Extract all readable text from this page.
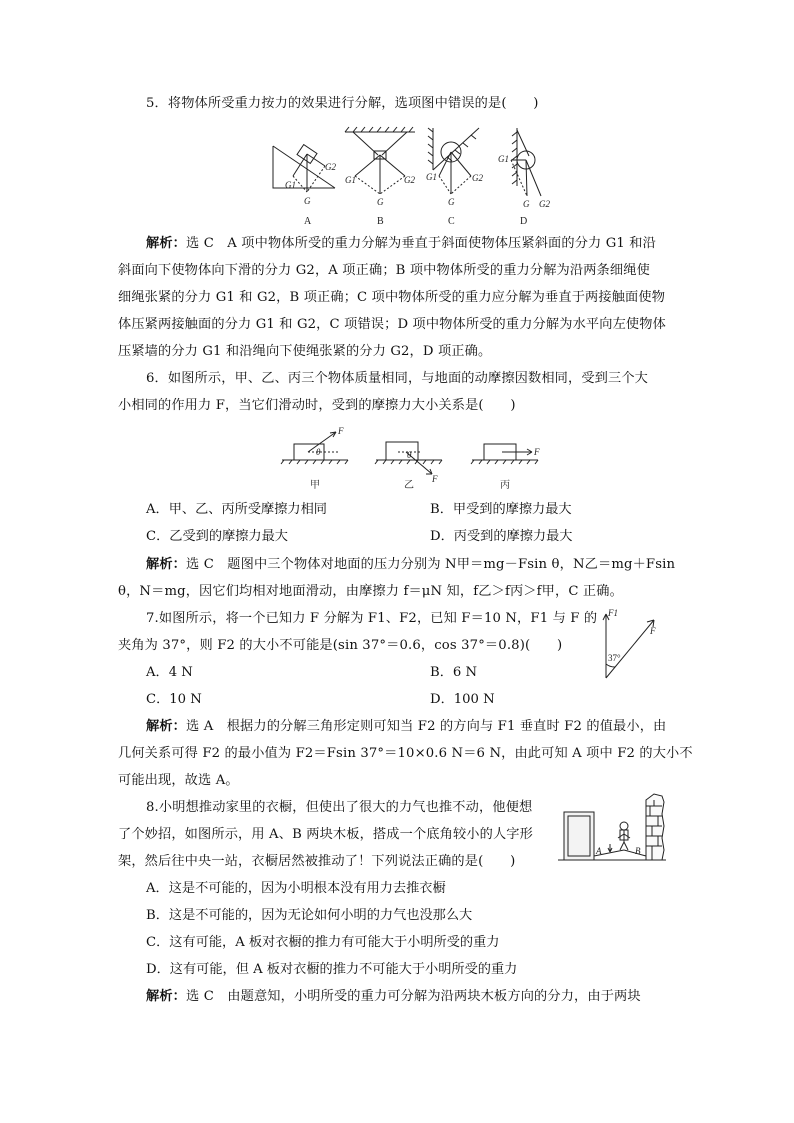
5．将物体所受重力按力的效果进行分解，选项图中错误的是(　　)
G2
G1
G
G1	G2
G
G1	G2
G
G1
G G2
A	B	C	D
解析：选 C　A 项中物体所受的重力分解为垂直于斜面使物体压紧斜面的分力 G1 和沿
斜面向下使物体向下滑的分力 G2，A 项正确；B 项中物体所受的重力分解为沿两条细绳使
细绳张紧的分力 G1 和 G2，B 项正确；C 项中物体所受的重力应分解为垂直于两接触面使物
体压紧两接触面的分力 G1 和 G2，C 项错误；D 项中物体所受的重力分解为水平向左使物体
压紧墙的分力 G1 和沿绳向下使绳张紧的分力 G2，D 项正确。
6．如图所示，甲、乙、丙三个物体质量相同，与地面的动摩擦因数相同，受到三个大
小相同的作用力 F，当它们滑动时，受到的摩擦力大小关系是(　　)
F
θ
F
θ	F
甲	乙	丙
A．甲、乙、丙所受摩擦力相同	B．甲受到的摩擦力最大
C．乙受到的摩擦力最大	D．丙受到的摩擦力最大
解析：选 C　题图中三个物体对地面的压力分别为 N甲＝mg－Fsin θ，N乙＝mg＋Fsin
θ，N＝mg，因它们均相对地面滑动，由摩擦力 f＝μN 知，f乙＞f丙＞f甲，C 正确。
7.如图所示，将一个已知力 F 分解为 F1、F2，已知 F＝10 N，F1 与 F 的
夹角为 37°，则 F2 的大小不可能是(sin 37°＝0.6，cos 37°＝0.8)(　　)
F1
F
37°
A．4 N	B．6 N
C．10 N	D．100 N
解析：选 A　根据力的分解三角形定则可知当 F2 的方向与 F1 垂直时 F2 的值最小，由
几何关系可得 F2 的最小值为 F2＝Fsin 37°＝10×0.6 N＝6 N，由此可知 A 项中 F2 的大小不
可能出现，故选 A。
8.小明想推动家里的衣橱，但使出了很大的力气也推不动，他便想
了个妙招，如图所示，用 A、B 两块木板，搭成一个底角较小的人字形
架，然后往中央一站，衣橱居然被推动了！下列说法正确的是(　　)
A	B
A．这是不可能的，因为小明根本没有用力去推衣橱
B．这是不可能的，因为无论如何小明的力气也没那么大
C．这有可能，A 板对衣橱的推力有可能大于小明所受的重力
D．这有可能，但 A 板对衣橱的推力不可能大于小明所受的重力
解析：选 C　由题意知，小明所受的重力可分解为沿两块木板方向的分力，由于两块
